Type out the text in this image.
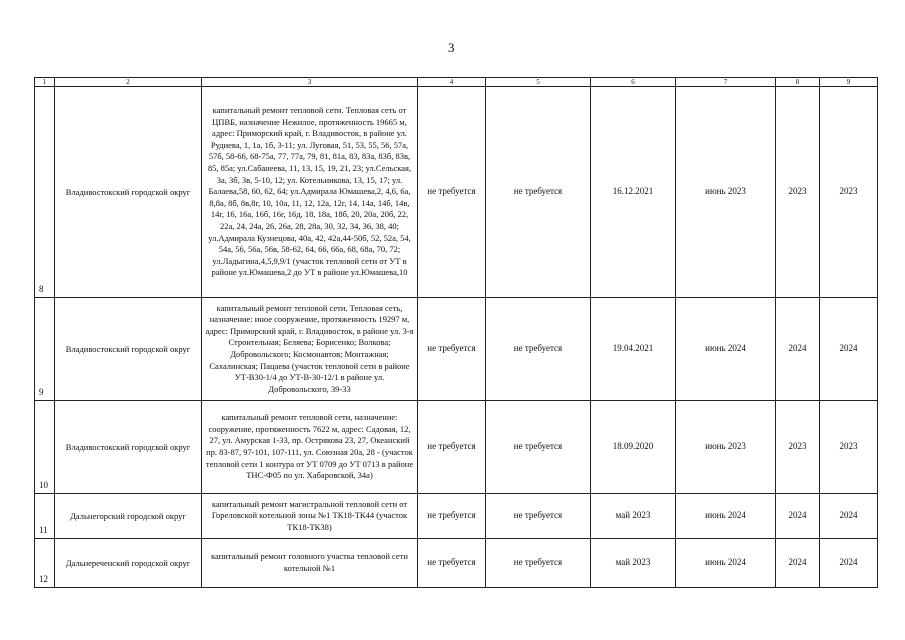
3
1	2	3	4	5	6	7	8	9
8	Владивостокский городской округ	капитальный ремонт тепловой сети. Тепловая сеть от ЦПВБ, назначение Нежилое, протяженность 19665 м, адрес: Приморский край, г. Владивосток, в районе ул. Рудиева, 1, 1а, 1б, 3-11; ул. Луговая, 51, 53, 55, 56, 57а, 57б, 58-66, 68-75а, 77, 77а, 79, 81, 81а, 83, 83а, 83б, 83в, 85, 85а; ул.Сабанеева, 11, 13, 15, 19, 21, 23; ул.Сельская, 3а, 3б, 3в, 5-10, 12; ул. Котельникова, 13, 15, 17; ул. Балаева,58, 60, 62, 64; ул.Адмирала Юмашева,2, 4,6, 6а, 8,8а, 8б, 8в,8г, 10, 10а, 11, 12, 12а, 12г, 14, 14а, 14б, 14в, 14г, 16, 16а, 16б, 16г, 16д, 18, 18а, 18б, 20, 20а, 20б, 22, 22а, 24, 24а, 26, 26а, 28, 28а, 30, 32, 34, 36, 38, 40; ул.Адмирала Кузнецова, 40а, 42, 42а,44-50б, 52, 52а, 54, 54а, 56, 56а, 56в, 58-62, 64, 66, 66а, 68, 68а, 70, 72; ул.Ладыгина,4,5,9,9/1 (участок тепловой сети от УТ в районе ул.Юмашева,2 до УТ в районе ул.Юмашева,10	не требуется	не требуется	16.12.2021	июнь 2023	2023	2023
9	Владивостокский городской округ	капитальный ремонт тепловой сети. Тепловая сеть, назначение: иное сооружение, протяженность 19297 м, адрес: Приморский край, г. Владивосток, в районе ул. 3-я Строительная; Беляева; Борисенко; Волкова; Добровольского; Космонавтов; Монтажная; Сахалинская; Пацаева (участок тепловой сети в районе УТ-В30-1/4 до УТ-В-30-12/1 в районе ул. Добровольского, 39-33	не требуется	не требуется	19.04.2021	июнь 2024	2024	2024
10	Владивостокский городской округ	капитальный ремонт тепловой сети, назначение: сооружение, протяженность 7622 м, адрес: Садовая, 12, 27, ул. Амурская 1-33, пр. Острякова 23, 27, Океанский пр. 83-87, 97-101, 107-111, ул. Союзная 20а, 28 - (участок тепловой сети 1 контура от УТ 0709 до УТ 0713 в районе ТНС-Ф05 по ул. Хабаровской, 34а)	не требуется	не требуется	18.09.2020	июнь 2023	2023	2023
11	Дальнегорский городской округ	капитальный ремонт магистральной тепловой сети от Гореловской котельной зоны №1 ТК18-ТК44 (участок ТК18-ТК38)	не требуется	не требуется	май 2023	июнь 2024	2024	2024
12	Дальнереченский городской округ	капитальный ремонт головного участка тепловой сети котельной №1	не требуется	не требуется	май 2023	июнь 2024	2024	2024
